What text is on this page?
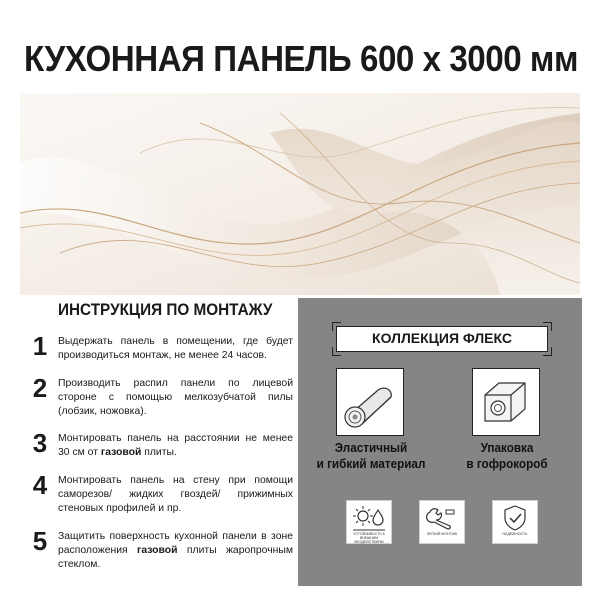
КУХОННАЯ ПАНЕЛЬ 600 х 3000 мм
ИНСТРУКЦИЯ ПО МОНТАЖУ
1 Выдержать панель в помещении, где будет производиться монтаж, не менее 24 часов.
2 Производить распил панели по лицевой стороне с помощью мелкозубчатой пилы (лобзик, ножовка).
3 Монтировать панель на расстоянии не менее 30 см от газовой плиты.
4 Монтировать панель на стену при помощи саморезов/ жидких гвоздей/ прижимных стеновых профилей и пр.
5 Защитить поверхность кухонной панели в зоне расположения газовой плиты жаропрочным стеклом.
КОЛЛЕКЦИЯ ФЛЕКС
Эластичный
и гибкий материал
Упаковка
в гофрокороб
УСТОЙЧИВОСТЬ К ВНЕШНИМ ВОЗДЕЙСТВИЯМ
ЛЕГКИЙ МОНТАЖ	НАДЕЖНОСТЬ
